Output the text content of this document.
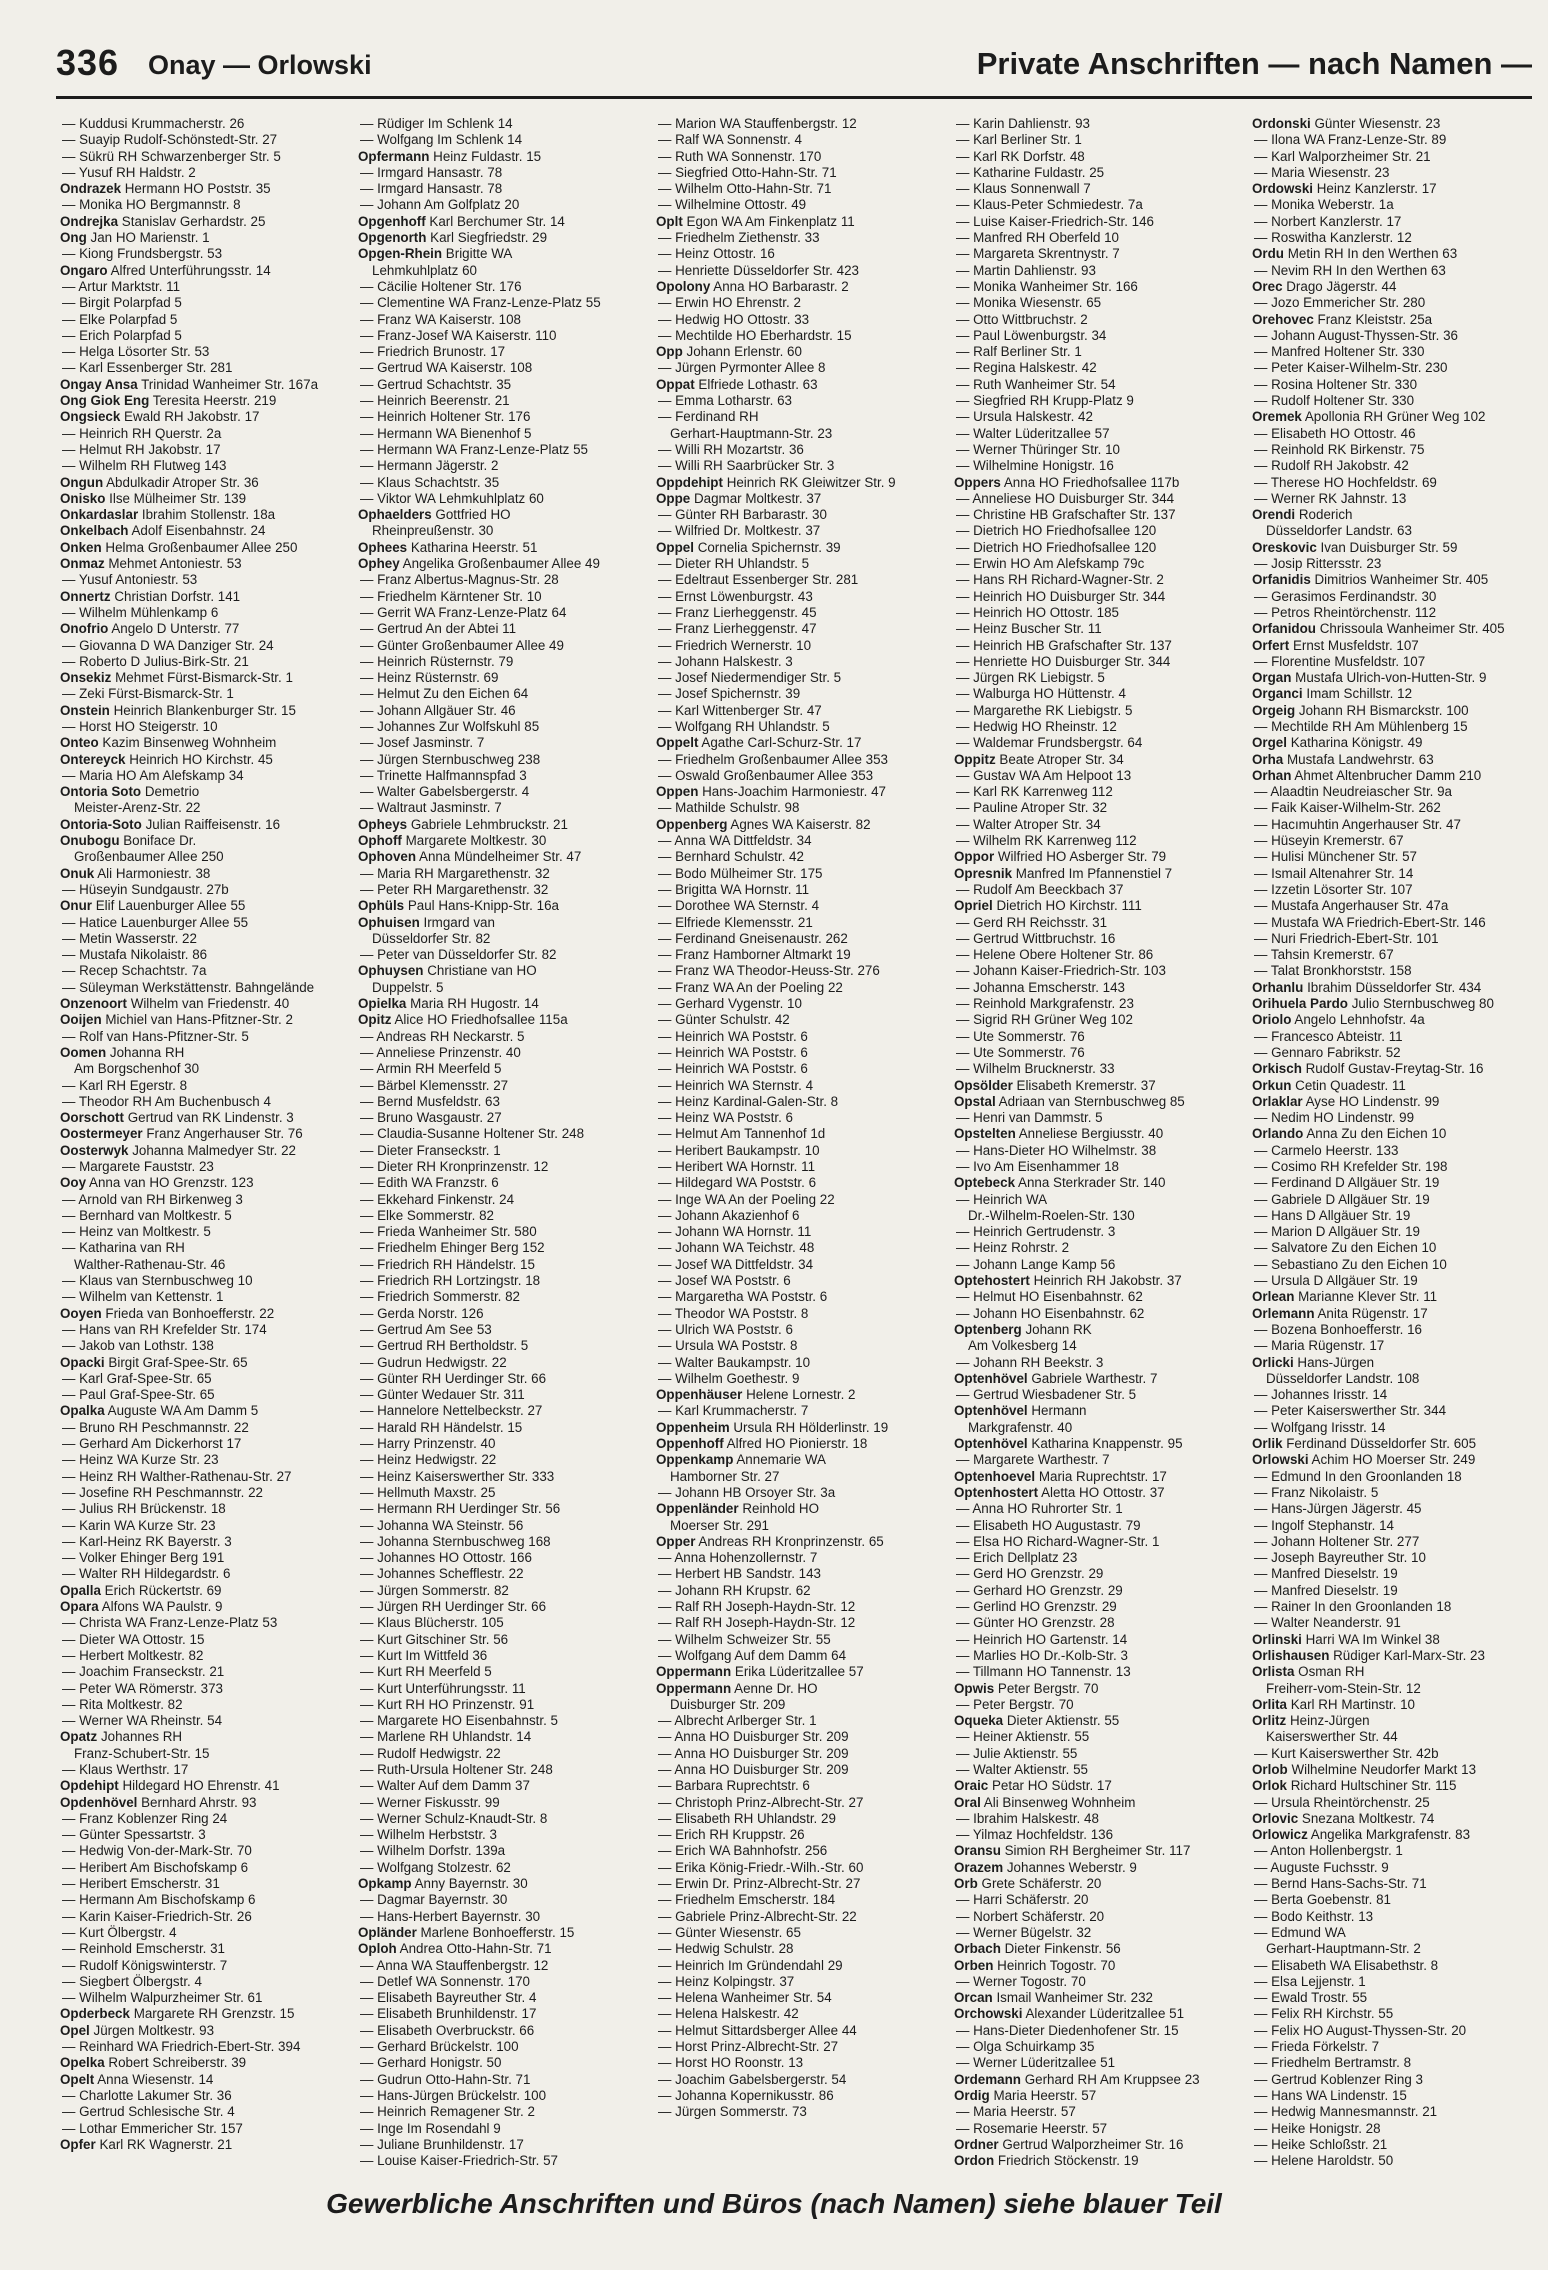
336 Onay — Orlowski	Private Anschriften — nach Namen —
— Kuddusi Krummacherstr. 26
— Suayip Rudolf-Schönstedt-Str. 27
— Sükrü RH Schwarzenberger Str. 5
— Yusuf RH Haldstr. 2
Ondrazek Hermann HO Poststr. 35
— Monika HO Bergmannstr. 8
Ondrejka Stanislav Gerhardstr. 25
Ong Jan HO Marienstr. 1
— Kiong Frundsbergstr. 53
Ongaro Alfred Unterführungsstr. 14
— Artur Marktstr. 11
— Birgit Polarpfad 5
— Elke Polarpfad 5
— Erich Polarpfad 5
— Helga Lösorter Str. 53
— Karl Essenberger Str. 281
Ongay Ansa Trinidad Wanheimer Str. 167a
Ong Giok Eng Teresita Heerstr. 219
Ongsieck Ewald RH Jakobstr. 17
— Heinrich RH Querstr. 2a
— Helmut RH Jakobstr. 17
— Wilhelm RH Flutweg 143
Ongun Abdulkadir Atroper Str. 36
Onisko Ilse Mülheimer Str. 139
Onkardaslar Ibrahim Stollenstr. 18a
Onkelbach Adolf Eisenbahnstr. 24
Onken Helma Großenbaumer Allee 250
Onmaz Mehmet Antoniestr. 53
— Yusuf Antoniestr. 53
Onnertz Christian Dorfstr. 141
— Wilhelm Mühlenkamp 6
Onofrio Angelo D Unterstr. 77
— Giovanna D WA Danziger Str. 24
— Roberto D Julius-Birk-Str. 21
Onsekiz Mehmet Fürst-Bismarck-Str. 1
— Zeki Fürst-Bismarck-Str. 1
Onstein Heinrich Blankenburger Str. 15
— Horst HO Steigerstr. 10
Onteo Kazim Binsenweg Wohnheim
Ontereyck Heinrich HO Kirchstr. 45
— Maria HO Am Alefskamp 34
Ontoria Soto Demetrio
Meister-Arenz-Str. 22
Ontoria-Soto Julian Raiffeisenstr. 16
Onubogu Boniface Dr.
Großenbaumer Allee 250
Onuk Ali Harmoniestr. 38
— Hüseyin Sundgaustr. 27b
Onur Elif Lauenburger Allee 55
— Hatice Lauenburger Allee 55
— Metin Wasserstr. 22
— Mustafa Nikolaistr. 86
— Recep Schachtstr. 7a
— Süleyman Werkstättenstr. Bahngelände
Onzenoort Wilhelm van Friedenstr. 40
Ooijen Michiel van Hans-Pfitzner-Str. 2
— Rolf van Hans-Pfitzner-Str. 5
Oomen Johanna RH
Am Borgschenhof 30
— Karl RH Egerstr. 8
— Theodor RH Am Buchenbusch 4
Oorschott Gertrud van RK Lindenstr. 3
Oostermeyer Franz Angerhauser Str. 76
Oosterwyk Johanna Malmedyer Str. 22
— Margarete Fauststr. 23
Ooy Anna van HO Grenzstr. 123
— Arnold van RH Birkenweg 3
— Bernhard van Moltkestr. 5
— Heinz van Moltkestr. 5
— Katharina van RH
Walther-Rathenau-Str. 46
— Klaus van Sternbuschweg 10
— Wilhelm van Kettenstr. 1
Ooyen Frieda van Bonhoefferstr. 22
— Hans van RH Krefelder Str. 174
— Jakob van Lothstr. 138
Opacki Birgit Graf-Spee-Str. 65
— Karl Graf-Spee-Str. 65
— Paul Graf-Spee-Str. 65
Opalka Auguste WA Am Damm 5
— Bruno RH Peschmannstr. 22
— Gerhard Am Dickerhorst 17
— Heinz WA Kurze Str. 23
— Heinz RH Walther-Rathenau-Str. 27
— Josefine RH Peschmannstr. 22
— Julius RH Brückenstr. 18
— Karin WA Kurze Str. 23
— Karl-Heinz RK Bayerstr. 3
— Volker Ehinger Berg 191
— Walter RH Hildegardstr. 6
Opalla Erich Rückertstr. 69
Opara Alfons WA Paulstr. 9
— Christa WA Franz-Lenze-Platz 53
— Dieter WA Ottostr. 15
— Herbert Moltkestr. 82
— Joachim Franseckstr. 21
— Peter WA Römerstr. 373
— Rita Moltkestr. 82
— Werner WA Rheinstr. 54
Opatz Johannes RH
Franz-Schubert-Str. 15
— Klaus Werthstr. 17
Opdehipt Hildegard HO Ehrenstr. 41
Opdenhövel Bernhard Ahrstr. 93
— Franz Koblenzer Ring 24
— Günter Spessartstr. 3
— Hedwig Von-der-Mark-Str. 70
— Heribert Am Bischofskamp 6
— Heribert Emscherstr. 31
— Hermann Am Bischofskamp 6
— Karin Kaiser-Friedrich-Str. 26
— Kurt Ölbergstr. 4
— Reinhold Emscherstr. 31
— Rudolf Königswinterstr. 7
— Siegbert Ölbergstr. 4
— Wilhelm Walpurzheimer Str. 61
Opderbeck Margarete RH Grenzstr. 15
Opel Jürgen Moltkestr. 93
— Reinhard WA Friedrich-Ebert-Str. 394
Opelka Robert Schreiberstr. 39
Opelt Anna Wiesenstr. 14
— Charlotte Lakumer Str. 36
— Gertrud Schlesische Str. 4
— Lothar Emmericher Str. 157
Opfer Karl RK Wagnerstr. 21
— Rüdiger Im Schlenk 14
— Wolfgang Im Schlenk 14
Opfermann Heinz Fuldastr. 15
— Irmgard Hansastr. 78
— Irmgard Hansastr. 78
— Johann Am Golfplatz 20
Opgenhoff Karl Berchumer Str. 14
Opgenorth Karl Siegfriedstr. 29
Opgen-Rhein Brigitte WA
Lehmkuhlplatz 60
— Cäcilie Holtener Str. 176
— Clementine WA Franz-Lenze-Platz 55
— Franz WA Kaiserstr. 108
— Franz-Josef WA Kaiserstr. 110
— Friedrich Brunostr. 17
— Gertrud WA Kaiserstr. 108
— Gertrud Schachtstr. 35
— Heinrich Beerenstr. 21
— Heinrich Holtener Str. 176
— Hermann WA Bienenhof 5
— Hermann WA Franz-Lenze-Platz 55
— Hermann Jägerstr. 2
— Klaus Schachtstr. 35
— Viktor WA Lehmkuhlplatz 60
Ophaelders Gottfried HO
Rheinpreußenstr. 30
Ophees Katharina Heerstr. 51
Ophey Angelika Großenbaumer Allee 49
— Franz Albertus-Magnus-Str. 28
— Friedhelm Kärntener Str. 10
— Gerrit WA Franz-Lenze-Platz 64
— Gertrud An der Abtei 11
— Günter Großenbaumer Allee 49
— Heinrich Rüsternstr. 79
— Heinz Rüsternstr. 69
— Helmut Zu den Eichen 64
— Johann Allgäuer Str. 46
— Johannes Zur Wolfskuhl 85
— Josef Jasminstr. 7
— Jürgen Sternbuschweg 238
— Trinette Halfmannspfad 3
— Walter Gabelsbergerstr. 4
— Waltraut Jasminstr. 7
Opheys Gabriele Lehmbruckstr. 21
Ophoff Margarete Moltkestr. 30
Ophoven Anna Mündelheimer Str. 47
— Maria RH Margarethenstr. 32
— Peter RH Margarethenstr. 32
Ophüls Paul Hans-Knipp-Str. 16a
Ophuisen Irmgard van
Düsseldorfer Str. 82
— Peter van Düsseldorfer Str. 82
Ophuysen Christiane van HO
Duppelstr. 5
Opielka Maria RH Hugostr. 14
Opitz Alice HO Friedhofsallee 115a
— Andreas RH Neckarstr. 5
— Anneliese Prinzenstr. 40
— Armin RH Meerfeld 5
— Bärbel Klemensstr. 27
— Bernd Musfeldstr. 63
— Bruno Wasgaustr. 27
— Claudia-Susanne Holtener Str. 248
— Dieter Franseckstr. 1
— Dieter RH Kronprinzenstr. 12
— Edith WA Franzstr. 6
— Ekkehard Finkenstr. 24
— Elke Sommerstr. 82
— Frieda Wanheimer Str. 580
— Friedhelm Ehinger Berg 152
— Friedrich RH Händelstr. 15
— Friedrich RH Lortzingstr. 18
— Friedrich Sommerstr. 82
— Gerda Norstr. 126
— Gertrud Am See 53
— Gertrud RH Bertholdstr. 5
— Gudrun Hedwigstr. 22
— Günter RH Uerdinger Str. 66
— Günter Wedauer Str. 311
— Hannelore Nettelbeckstr. 27
— Harald RH Händelstr. 15
— Harry Prinzenstr. 40
— Heinz Hedwigstr. 22
— Heinz Kaiserswerther Str. 333
— Hellmuth Maxstr. 25
— Hermann RH Uerdinger Str. 56
— Johanna WA Steinstr. 56
— Johanna Sternbuschweg 168
— Johannes HO Ottostr. 166
— Johannes Schefflestr. 22
— Jürgen Sommerstr. 82
— Jürgen RH Uerdinger Str. 66
— Klaus Blücherstr. 105
— Kurt Gitschiner Str. 56
— Kurt Im Wittfeld 36
— Kurt RH Meerfeld 5
— Kurt Unterführungsstr. 11
— Kurt RH HO Prinzenstr. 91
— Margarete HO Eisenbahnstr. 5
— Marlene RH Uhlandstr. 14
— Rudolf Hedwigstr. 22
— Ruth-Ursula Holtener Str. 248
— Walter Auf dem Damm 37
— Werner Fiskusstr. 99
— Werner Schulz-Knaudt-Str. 8
— Wilhelm Herbststr. 3
— Wilhelm Dorfstr. 139a
— Wolfgang Stolzestr. 62
Opkamp Anny Bayernstr. 30
— Dagmar Bayernstr. 30
— Hans-Herbert Bayernstr. 30
Opländer Marlene Bonhoefferstr. 15
Oploh Andrea Otto-Hahn-Str. 71
— Anna WA Stauffenbergstr. 12
— Detlef WA Sonnenstr. 170
— Elisabeth Bayreuther Str. 4
— Elisabeth Brunhildenstr. 17
— Elisabeth Overbruckstr. 66
— Gerhard Brückelstr. 100
— Gerhard Honigstr. 50
— Gudrun Otto-Hahn-Str. 71
— Hans-Jürgen Brückelstr. 100
— Heinrich Remagener Str. 2
— Inge Im Rosendahl 9
— Juliane Brunhildenstr. 17
— Louise Kaiser-Friedrich-Str. 57
— Marion WA Stauffenbergstr. 12
— Ralf WA Sonnenstr. 4
— Ruth WA Sonnenstr. 170
— Siegfried Otto-Hahn-Str. 71
— Wilhelm Otto-Hahn-Str. 71
— Wilhelmine Ottostr. 49
Oplt Egon WA Am Finkenplatz 11
— Friedhelm Ziethenstr. 33
— Heinz Ottostr. 16
— Henriette Düsseldorfer Str. 423
Opolony Anna HO Barbarastr. 2
— Erwin HO Ehrenstr. 2
— Hedwig HO Ottostr. 33
— Mechtilde HO Eberhardstr. 15
Opp Johann Erlenstr. 60
— Jürgen Pyrmonter Allee 8
Oppat Elfriede Lothastr. 63
— Emma Lotharstr. 63
— Ferdinand RH
Gerhart-Hauptmann-Str. 23
— Willi RH Mozartstr. 36
— Willi RH Saarbrücker Str. 3
Oppdehipt Heinrich RK Gleiwitzer Str. 9
Oppe Dagmar Moltkestr. 37
— Günter RH Barbarastr. 30
— Wilfried Dr. Moltkestr. 37
Oppel Cornelia Spichernstr. 39
— Dieter RH Uhlandstr. 5
— Edeltraut Essenberger Str. 281
— Ernst Löwenburgstr. 43
— Franz Lierheggenstr. 45
— Franz Lierheggenstr. 47
— Friedrich Wernerstr. 10
— Johann Halskestr. 3
— Josef Niedermendiger Str. 5
— Josef Spichernstr. 39
— Karl Wittenberger Str. 47
— Wolfgang RH Uhlandstr. 5
Oppelt Agathe Carl-Schurz-Str. 17
— Friedhelm Großenbaumer Allee 353
— Oswald Großenbaumer Allee 353
Oppen Hans-Joachim Harmoniestr. 47
— Mathilde Schulstr. 98
Oppenberg Agnes WA Kaiserstr. 82
— Anna WA Dittfeldstr. 34
— Bernhard Schulstr. 42
— Bodo Mülheimer Str. 175
— Brigitta WA Hornstr. 11
— Dorothee WA Sternstr. 4
— Elfriede Klemensstr. 21
— Ferdinand Gneisenaustr. 262
— Franz Hamborner Altmarkt 19
— Franz WA Theodor-Heuss-Str. 276
— Franz WA An der Poeling 22
— Gerhard Vygenstr. 10
— Günter Schulstr. 42
— Heinrich WA Poststr. 6
— Heinrich WA Poststr. 6
— Heinrich WA Poststr. 6
— Heinrich WA Sternstr. 4
— Heinz Kardinal-Galen-Str. 8
— Heinz WA Poststr. 6
— Helmut Am Tannenhof 1d
— Heribert Baukampstr. 10
— Heribert WA Hornstr. 11
— Hildegard WA Poststr. 6
— Inge WA An der Poeling 22
— Johann Akazienhof 6
— Johann WA Hornstr. 11
— Johann WA Teichstr. 48
— Josef WA Dittfeldstr. 34
— Josef WA Poststr. 6
— Margaretha WA Poststr. 6
— Theodor WA Poststr. 8
— Ulrich WA Poststr. 6
— Ursula WA Poststr. 8
— Walter Baukampstr. 10
— Wilhelm Goethestr. 9
Oppenhäuser Helene Lornestr. 2
— Karl Krummacherstr. 7
Oppenheim Ursula RH Hölderlinstr. 19
Oppenhoff Alfred HO Pionierstr. 18
Oppenkamp Annemarie WA
Hamborner Str. 27
— Johann HB Orsoyer Str. 3a
Oppenländer Reinhold HO
Moerser Str. 291
Opper Andreas RH Kronprinzenstr. 65
— Anna Hohenzollernstr. 7
— Herbert HB Sandstr. 143
— Johann RH Krupstr. 62
— Ralf RH Joseph-Haydn-Str. 12
— Ralf RH Joseph-Haydn-Str. 12
— Wilhelm Schweizer Str. 55
— Wolfgang Auf dem Damm 64
Oppermann Erika Lüderitzallee 57
Oppermann Aenne Dr. HO
Duisburger Str. 209
— Albrecht Arlberger Str. 1
— Anna HO Duisburger Str. 209
— Anna HO Duisburger Str. 209
— Anna HO Duisburger Str. 209
— Barbara Ruprechtstr. 6
— Christoph Prinz-Albrecht-Str. 27
— Elisabeth RH Uhlandstr. 29
— Erich RH Kruppstr. 26
— Erich WA Bahnhofstr. 256
— Erika König-Friedr.-Wilh.-Str. 60
— Erwin Dr. Prinz-Albrecht-Str. 27
— Friedhelm Emscherstr. 184
— Gabriele Prinz-Albrecht-Str. 22
— Günter Wiesenstr. 65
— Hedwig Schulstr. 28
— Heinrich Im Gründendahl 29
— Heinz Kolpingstr. 37
— Helena Wanheimer Str. 54
— Helena Halskestr. 42
— Helmut Sittardsberger Allee 44
— Horst Prinz-Albrecht-Str. 27
— Horst HO Roonstr. 13
— Joachim Gabelsbergerstr. 54
— Johanna Kopernikusstr. 86
— Jürgen Sommerstr. 73
— Karin Dahlienstr. 93
— Karl Berliner Str. 1
— Karl RK Dorfstr. 48
— Katharine Fuldastr. 25
— Klaus Sonnenwall 7
— Klaus-Peter Schmiedestr. 7a
— Luise Kaiser-Friedrich-Str. 146
— Manfred RH Oberfeld 10
— Margareta Skrentnystr. 7
— Martin Dahlienstr. 93
— Monika Wanheimer Str. 166
— Monika Wiesenstr. 65
— Otto Wittbruchstr. 2
— Paul Löwenburgstr. 34
— Ralf Berliner Str. 1
— Regina Halskestr. 42
— Ruth Wanheimer Str. 54
— Siegfried RH Krupp-Platz 9
— Ursula Halskestr. 42
— Walter Lüderitzallee 57
— Werner Thüringer Str. 10
— Wilhelmine Honigstr. 16
Oppers Anna HO Friedhofsallee 117b
— Anneliese HO Duisburger Str. 344
— Christine HB Grafschafter Str. 137
— Dietrich HO Friedhofsallee 120
— Dietrich HO Friedhofsallee 120
— Erwin HO Am Alefskamp 79c
— Hans RH Richard-Wagner-Str. 2
— Heinrich HO Duisburger Str. 344
— Heinrich HO Ottostr. 185
— Heinz Buscher Str. 11
— Heinrich HB Grafschafter Str. 137
— Henriette HO Duisburger Str. 344
— Jürgen RK Liebigstr. 5
— Walburga HO Hüttenstr. 4
— Margarethe RK Liebigstr. 5
— Hedwig HO Rheinstr. 12
— Waldemar Frundsbergstr. 64
Oppitz Beate Atroper Str. 34
— Gustav WA Am Helpoot 13
— Karl RK Karrenweg 112
— Pauline Atroper Str. 32
— Walter Atroper Str. 34
— Wilhelm RK Karrenweg 112
Oppor Wilfried HO Asberger Str. 79
Opresnik Manfred Im Pfannenstiel 7
— Rudolf Am Beeckbach 37
Opriel Dietrich HO Kirchstr. 111
— Gerd RH Reichsstr. 31
— Gertrud Wittbruchstr. 16
— Helene Obere Holtener Str. 86
— Johann Kaiser-Friedrich-Str. 103
— Johanna Emscherstr. 143
— Reinhold Markgrafenstr. 23
— Sigrid RH Grüner Weg 102
— Ute Sommerstr. 76
— Ute Sommerstr. 76
— Wilhelm Brucknerstr. 33
Opsölder Elisabeth Kremerstr. 37
Opstal Adriaan van Sternbuschweg 85
— Henri van Dammstr. 5
Opstelten Anneliese Bergiusstr. 40
— Hans-Dieter HO Wilhelmstr. 38
— Ivo Am Eisenhammer 18
Optebeck Anna Sterkrader Str. 140
— Heinrich WA
Dr.-Wilhelm-Roelen-Str. 130
— Heinrich Gertrudenstr. 3
— Heinz Rohrstr. 2
— Johann Lange Kamp 56
Optehostert Heinrich RH Jakobstr. 37
— Helmut HO Eisenbahnstr. 62
— Johann HO Eisenbahnstr. 62
Optenberg Johann RK
Am Volkesberg 14
— Johann RH Beekstr. 3
Optenhövel Gabriele Warthestr. 7
— Gertrud Wiesbadener Str. 5
Optenhövel Hermann
Markgrafenstr. 40
Optenhövel Katharina Knappenstr. 95
— Margarete Warthestr. 7
Optenhoevel Maria Ruprechtstr. 17
Optenhostert Aletta HO Ottostr. 37
— Anna HO Ruhrorter Str. 1
— Elisabeth HO Augustastr. 79
— Elsa HO Richard-Wagner-Str. 1
— Erich Dellplatz 23
— Gerd HO Grenzstr. 29
— Gerhard HO Grenzstr. 29
— Gerlind HO Grenzstr. 29
— Günter HO Grenzstr. 28
— Heinrich HO Gartenstr. 14
— Marlies HO Dr.-Kolb-Str. 3
— Tillmann HO Tannenstr. 13
Opwis Peter Bergstr. 70
— Peter Bergstr. 70
Oqueka Dieter Aktienstr. 55
— Heiner Aktienstr. 55
— Julie Aktienstr. 55
— Walter Aktienstr. 55
Oraic Petar HO Südstr. 17
Oral Ali Binsenweg Wohnheim
— Ibrahim Halskestr. 48
— Yilmaz Hochfeldstr. 136
Oransu Simion RH Bergheimer Str. 117
Orazem Johannes Weberstr. 9
Orb Grete Schäferstr. 20
— Harri Schäferstr. 20
— Norbert Schäferstr. 20
— Werner Bügelstr. 32
Orbach Dieter Finkenstr. 56
Orben Heinrich Togostr. 70
— Werner Togostr. 70
Orcan Ismail Wanheimer Str. 232
Orchowski Alexander Lüderitzallee 51
— Hans-Dieter Diedenhofener Str. 15
— Olga Schuirkamp 35
— Werner Lüderitzallee 51
Ordemann Gerhard RH Am Kruppsee 23
Ordig Maria Heerstr. 57
— Maria Heerstr. 57
— Rosemarie Heerstr. 57
Ordner Gertrud Walporzheimer Str. 16
Ordon Friedrich Stöckenstr. 19
Ordonski Günter Wiesenstr. 23
— Ilona WA Franz-Lenze-Str. 89
— Karl Walporzheimer Str. 21
— Maria Wiesenstr. 23
Ordowski Heinz Kanzlerstr. 17
— Monika Weberstr. 1a
— Norbert Kanzlerstr. 17
— Roswitha Kanzlerstr. 12
Ordu Metin RH In den Werthen 63
— Nevim RH In den Werthen 63
Orec Drago Jägerstr. 44
— Jozo Emmericher Str. 280
Orehovec Franz Kleiststr. 25a
— Johann August-Thyssen-Str. 36
— Manfred Holtener Str. 330
— Peter Kaiser-Wilhelm-Str. 230
— Rosina Holtener Str. 330
— Rudolf Holtener Str. 330
Oremek Apollonia RH Grüner Weg 102
— Elisabeth HO Ottostr. 46
— Reinhold RK Birkenstr. 75
— Rudolf RH Jakobstr. 42
— Therese HO Hochfeldstr. 69
— Werner RK Jahnstr. 13
Orendi Roderich
Düsseldorfer Landstr. 63
Oreskovic Ivan Duisburger Str. 59
— Josip Rittersstr. 23
Orfanidis Dimitrios Wanheimer Str. 405
— Gerasimos Ferdinandstr. 30
— Petros Rheintörchenstr. 112
Orfanidou Chrissoula Wanheimer Str. 405
Orfert Ernst Musfeldstr. 107
— Florentine Musfeldstr. 107
Organ Mustafa Ulrich-von-Hutten-Str. 9
Organci Imam Schillstr. 12
Orgeig Johann RH Bismarckstr. 100
— Mechtilde RH Am Mühlenberg 15
Orgel Katharina Königstr. 49
Orha Mustafa Landwehrstr. 63
Orhan Ahmet Altenbrucher Damm 210
— Alaadtin Neudreiascher Str. 9a
— Faik Kaiser-Wilhelm-Str. 262
— Hacımuhtin Angerhauser Str. 47
— Hüseyin Kremerstr. 67
— Hulisi Münchener Str. 57
— Ismail Altenahrer Str. 14
— Izzetin Lösorter Str. 107
— Mustafa Angerhauser Str. 47a
— Mustafa WA Friedrich-Ebert-Str. 146
— Nuri Friedrich-Ebert-Str. 101
— Tahsin Kremerstr. 67
— Talat Bronkhorststr. 158
Orhanlu Ibrahim Düsseldorfer Str. 434
Orihuela Pardo Julio Sternbuschweg 80
Oriolo Angelo Lehnhofstr. 4a
— Francesco Abteistr. 11
— Gennaro Fabrikstr. 52
Orkisch Rudolf Gustav-Freytag-Str. 16
Orkun Cetin Quadestr. 11
Orlaklar Ayse HO Lindenstr. 99
— Nedim HO Lindenstr. 99
Orlando Anna Zu den Eichen 10
— Carmelo Heerstr. 133
— Cosimo RH Krefelder Str. 198
— Ferdinand D Allgäuer Str. 19
— Gabriele D Allgäuer Str. 19
— Hans D Allgäuer Str. 19
— Marion D Allgäuer Str. 19
— Salvatore Zu den Eichen 10
— Sebastiano Zu den Eichen 10
— Ursula D Allgäuer Str. 19
Orlean Marianne Klever Str. 11
Orlemann Anita Rügenstr. 17
— Bozena Bonhoefferstr. 16
— Maria Rügenstr. 17
Orlicki Hans-Jürgen
Düsseldorfer Landstr. 108
— Johannes Irisstr. 14
— Peter Kaiserswerther Str. 344
— Wolfgang Irisstr. 14
Orlik Ferdinand Düsseldorfer Str. 605
Orlowski Achim HO Moerser Str. 249
— Edmund In den Groonlanden 18
— Franz Nikolaistr. 5
— Hans-Jürgen Jägerstr. 45
— Ingolf Stephanstr. 14
— Johann Holtener Str. 277
— Joseph Bayreuther Str. 10
— Manfred Dieselstr. 19
— Manfred Dieselstr. 19
— Rainer In den Groonlanden 18
— Walter Neanderstr. 91
Orlinski Harri WA Im Winkel 38
Orlishausen Rüdiger Karl-Marx-Str. 23
Orlista Osman RH
Freiherr-vom-Stein-Str. 12
Orlita Karl RH Martinstr. 10
Orlitz Heinz-Jürgen
Kaiserswerther Str. 44
— Kurt Kaiserswerther Str. 42b
Orlob Wilhelmine Neudorfer Markt 13
Orlok Richard Hultschiner Str. 115
— Ursula Rheintörchenstr. 25
Orlovic Snezana Moltkestr. 74
Orlowicz Angelika Markgrafenstr. 83
— Anton Hollenbergstr. 1
— Auguste Fuchsstr. 9
— Bernd Hans-Sachs-Str. 71
— Berta Goebenstr. 81
— Bodo Keithstr. 13
— Edmund WA
Gerhart-Hauptmann-Str. 2
— Elisabeth WA Elisabethstr. 8
— Elsa Lejjenstr. 1
— Ewald Trostr. 55
— Felix RH Kirchstr. 55
— Felix HO August-Thyssen-Str. 20
— Frieda Förkelstr. 7
— Friedhelm Bertramstr. 8
— Gertrud Koblenzer Ring 3
— Hans WA Lindenstr. 15
— Hedwig Mannesmannstr. 21
— Heike Honigstr. 28
— Heike Schloßstr. 21
— Helene Haroldstr. 50
Gewerbliche Anschriften und Büros (nach Namen) siehe blauer Teil
